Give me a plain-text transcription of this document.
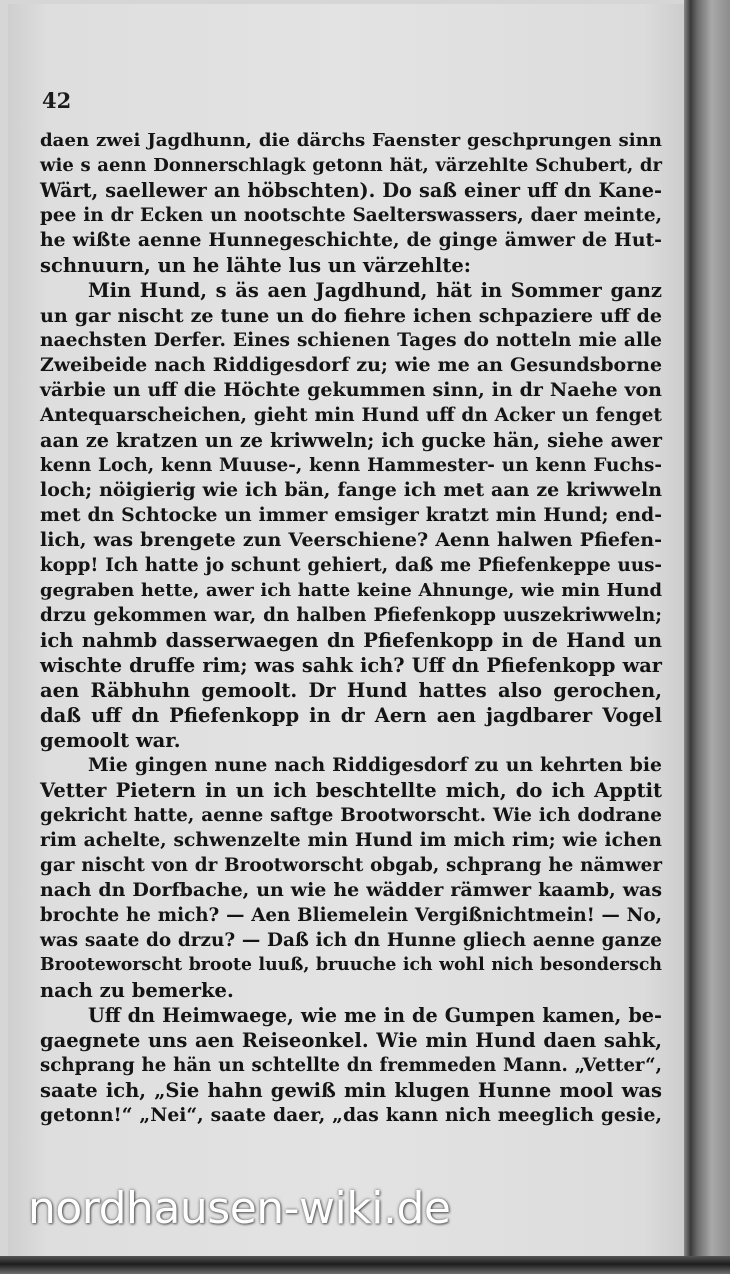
42
daen zwei Jagdhunn, die därchs Faenster geschprungen sinn
wie s aenn Donnerschlagk getonn hät, värzehlte Schubert, dr
Wärt, saellewer an höbschten). Do saß einer uff dn Kane-
pee in dr Ecken un nootschte Saelterswassers, daer meinte,
he wißte aenne Hunnegeschichte, de ginge ämwer de Hut-
schnuurn, un he lähte lus un värzehlte:
Min Hund, s äs aen Jagdhund, hät in Sommer ganz
un gar nischt ze tune un do fiehre ichen schpaziere uff de
naechsten Derfer. Eines schienen Tages do notteln mie alle
Zweibeide nach Riddigesdorf zu; wie me an Gesundsborne
värbie un uff die Höchte gekummen sinn, in dr Naehe von
Antequarscheichen, gieht min Hund uff dn Acker un fenget
aan ze kratzen un ze kriwweln; ich gucke hän, siehe awer
kenn Loch, kenn Muuse-, kenn Hammester- un kenn Fuchs-
loch; nöigierig wie ich bän, fange ich met aan ze kriwweln
met dn Schtocke un immer emsiger kratzt min Hund; end-
lich, was brengete zun Veerschiene? Aenn halwen Pfiefen-
kopp! Ich hatte jo schunt gehiert, daß me Pfiefenkeppe uus-
gegraben hette, awer ich hatte keine Ahnunge, wie min Hund
drzu gekommen war, dn halben Pfiefenkopp uuszekriwweln;
ich nahmb dasserwaegen dn Pfiefenkopp in de Hand un
wischte druffe rim; was sahk ich? Uff dn Pfiefenkopp war
aen Räbhuhn gemoolt. Dr Hund hattes also gerochen,
daß uff dn Pfiefenkopp in dr Aern aen jagdbarer Vogel
gemoolt war.
Mie gingen nune nach Riddigesdorf zu un kehrten bie
Vetter Pietern in un ich beschtellte mich, do ich Apptit
gekricht hatte, aenne saftge Brootworscht. Wie ich dodrane
rim achelte, schwenzelte min Hund im mich rim; wie ichen
gar nischt von dr Brootworscht obgab, schprang he nämwer
nach dn Dorfbache, un wie he wädder rämwer kaamb, was
brochte he mich? — Aen Bliemelein Vergißnichtmein! — No,
was saate do drzu? — Daß ich dn Hunne gliech aenne ganze
Brooteworscht broote luuß, bruuche ich wohl nich besondersch
nach zu bemerke.
Uff dn Heimwaege, wie me in de Gumpen kamen, be-
gaegnete uns aen Reiseonkel. Wie min Hund daen sahk,
schprang he hän un schtellte dn fremmeden Mann. „Vetter“,
saate ich, „Sie hahn gewiß min klugen Hunne mool was
getonn!“ „Nei“, saate daer, „das kann nich meeglich gesie,
nordhausen-wiki.de
